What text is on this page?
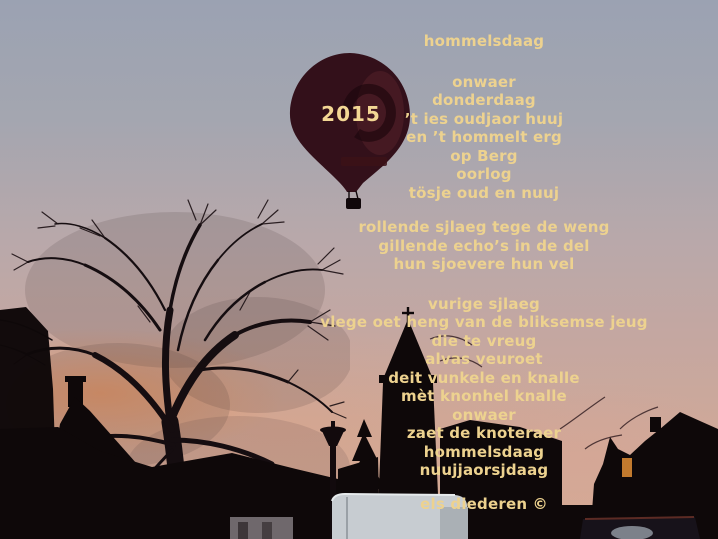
2015
hommelsdaag
onwaer
donderdaag
’t ies oudjaor huuj
en ’t hommelt erg
op Berg
oorlog
tösje oud en nuuj
rollende sjlaeg tege de weng
gillende echo’s in de del
hun sjoevere hun vel
vurige sjlaeg
vlege oet heng van de bliksemse jeug
die te vreug
alvas veuroet
deit vunkele en knalle
mèt knonhel knalle
onwaer
zaet de knoteraer
hommelsdaag
nuujjaorsjdaag
els diederen ©
